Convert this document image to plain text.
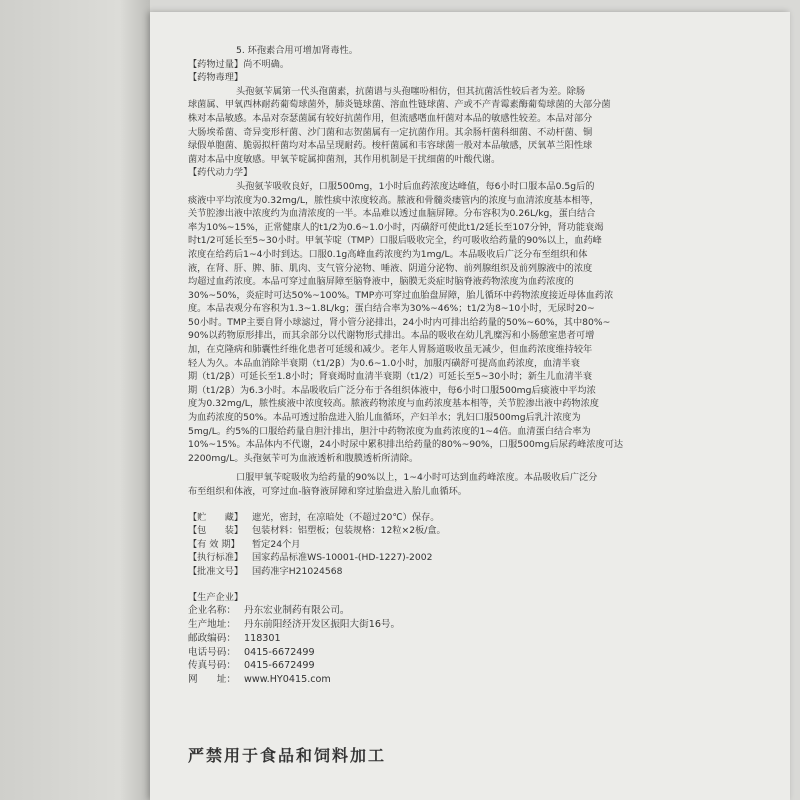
5. 环孢素合用可增加肾毒性。
【药物过量】尚不明确。
【药物毒理】
头孢氨苄属第一代头孢菌素，抗菌谱与头孢噻吩相仿，但其抗菌活性较后者为差。除肠
球菌属、甲氧西林耐药葡萄球菌外，肺炎链球菌、溶血性链球菌、产或不产青霉素酶葡萄球菌的大部分菌
株对本品敏感。本品对奈瑟菌属有较好抗菌作用，但流感嗜血杆菌对本品的敏感性较差。本品对部分
大肠埃希菌、奇异变形杆菌、沙门菌和志贺菌属有一定抗菌作用。其余肠杆菌科细菌、不动杆菌、铜
绿假单胞菌、脆弱拟杆菌均对本品呈现耐药。梭杆菌属和韦容球菌一般对本品敏感，厌氧革兰阳性球
菌对本品中度敏感。甲氧苄啶属抑菌剂，其作用机制是干扰细菌的叶酸代谢。
【药代动力学】
头孢氨苄吸收良好，口服500mg，1小时后血药浓度达峰值，每6小时口服本品0.5g后的
痰液中平均浓度为0.32mg/L，脓性痰中浓度较高。脓液和骨髓炎瘘管内的浓度与血清浓度基本相等，
关节腔渗出液中浓度约为血清浓度的一半。本品难以透过血脑屏障。分布容积为0.26L/kg，蛋白结合
率为10%~15%，正常健康人的t1/2为0.6~1.0小时，丙磺舒可使此t1/2延长至107分钟，肾功能衰竭
时t1/2可延长至5~30小时。甲氧苄啶（TMP）口服后吸收完全，约可吸收给药量的90%以上，血药峰
浓度在给药后1~4小时到达。口服0.1g高峰血药浓度约为1mg/L。本品吸收后广泛分布至组织和体
液，在肾、肝、脾、肺、肌肉、支气管分泌物、唾液、阴道分泌物、前列腺组织及前列腺液中的浓度
均超过血药浓度。本品可穿过血脑屏障至脑脊液中，脑膜无炎症时脑脊液药物浓度为血药浓度的
30%~50%，炎症时可达50%~100%。TMP亦可穿过血胎盘屏障，胎儿循环中药物浓度接近母体血药浓
度。本品表观分布容积为1.3~1.8L/kg；蛋白结合率为30%~46%；t1/2为8~10小时，无尿时20~
50小时。TMP主要自肾小球滤过，肾小管分泌排出，24小时内可排出给药量的50%~60%，其中80%~
90%以药物原形排出，而其余部分以代谢物形式排出。本品的吸收在幼儿乳糜泻和小肠憩室患者可增
加，在克隆病和肺囊性纤维化患者可延缓和减少。老年人胃肠道吸收虽无减少，但血药浓度维持较年
轻人为久。本品血消除半衰期（t1/2β）为0.6~1.0小时，加服丙磺舒可提高血药浓度，血清半衰
期（t1/2β）可延长至1.8小时；肾衰竭时血清半衰期（t1/2）可延长至5~30小时；新生儿血清半衰
期（t1/2β）为6.3小时。本品吸收后广泛分布于各组织体液中，每6小时口服500mg后痰液中平均浓
度为0.32mg/L，脓性痰液中浓度较高。脓液药物浓度与血药浓度基本相等，关节腔渗出液中药物浓度
为血药浓度的50%。本品可透过胎盘进入胎儿血循环，产妇羊水；乳妇口服500mg后乳汁浓度为
5mg/L。约5%的口服给药量自胆汁排出，胆汁中药物浓度为血药浓度的1~4倍。血清蛋白结合率为
10%~15%。本品体内不代谢，24小时尿中累积排出给药量的80%~90%，口服500mg后尿药峰浓度可达
2200mg/L。头孢氨苄可为血液透析和腹膜透析所清除。
口服甲氧苄啶吸收为给药量的90%以上，1~4小时可达到血药峰浓度。本品吸收后广泛分
布至组织和体液，可穿过血-脑脊液屏障和穿过胎盘进入胎儿血循环。
【贮　　藏】 遮光，密封，在凉暗处（不超过20℃）保存。
【包　　装】 包装材料：铝塑板；包装规格：12粒×2板/盒。
【有 效 期】	暂定24个月
【执行标准】 国家药品标准WS-10001-(HD-1227)-2002
【批准文号】 国药准字H21024568
【生产企业】
企业名称： 丹东宏业制药有限公司。
生产地址： 丹东前阳经济开发区振阳大街16号。
邮政编码： 118301
电话号码： 0415-6672499
传真号码： 0415-6672499
网　　址： www.HY0415.com
严禁用于食品和饲料加工
